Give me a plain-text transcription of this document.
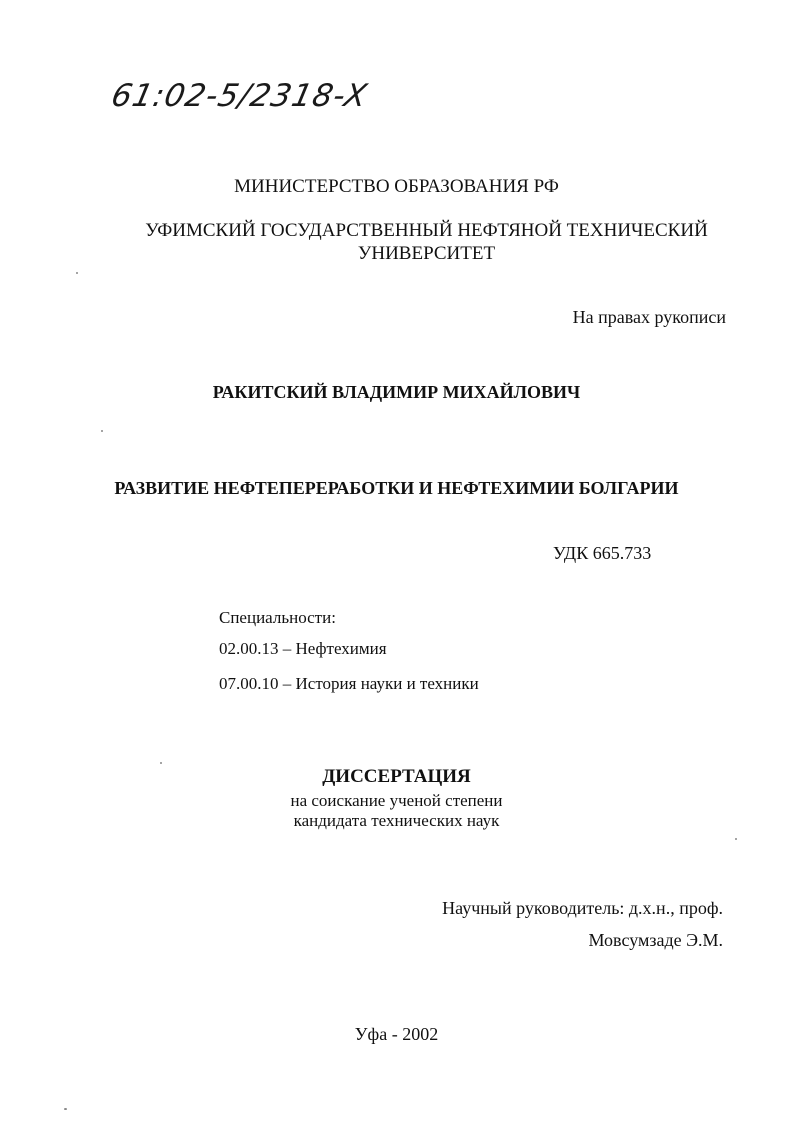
61:02-5/2318-X
МИНИСТЕРСТВО ОБРАЗОВАНИЯ РФ
УФИМСКИЙ ГОСУДАРСТВЕННЫЙ НЕФТЯНОЙ ТЕХНИЧЕСКИЙ УНИВЕРСИТЕТ
На правах рукописи
РАКИТСКИЙ ВЛАДИМИР МИХАЙЛОВИЧ
РАЗВИТИЕ НЕФТЕПЕРЕРАБОТКИ И НЕФТЕХИМИИ БОЛГАРИИ
УДК 665.733
Специальности:
02.00.13 – Нефтехимия
07.00.10 – История науки и техники
ДИССЕРТАЦИЯ
на соискание ученой степени
кандидата технических наук
Научный руководитель: д.х.н., проф.
Мовсумзаде Э.М.
Уфа - 2002
